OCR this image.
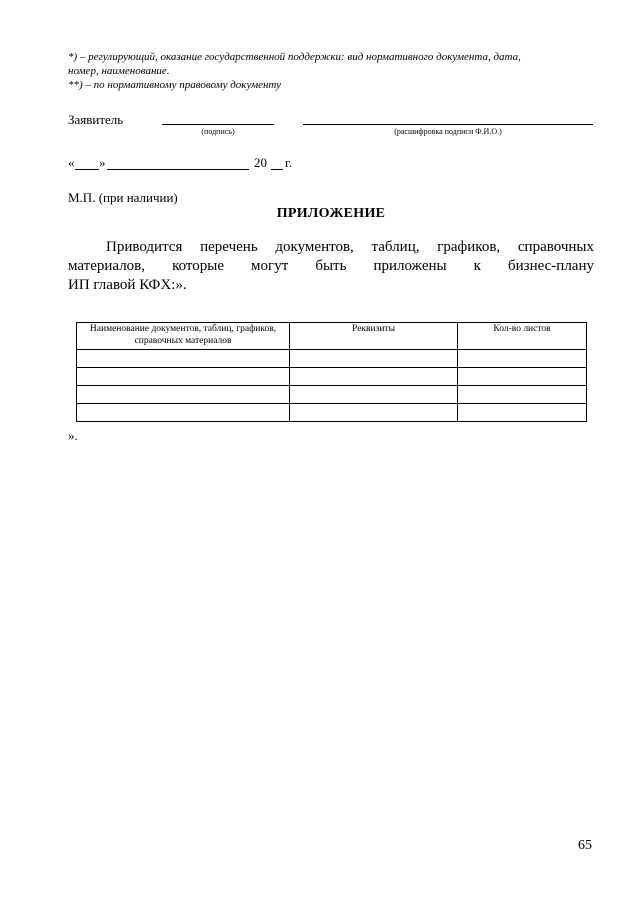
*) – регулирующий, оказание государственной поддержки: вид нормативного документа, дата,
номер, наименование.
**) – по нормативному правовому документу
Заявитель
(подпись)	(расшифровка подписи Ф.И.О.)
« »	20 г.
М.П. (при наличии)
ПРИЛОЖЕНИЕ
Приводится перечень документов, таблиц, графиков, справочных
материалов, которые могут быть приложены к бизнес-плану
ИП главой КФХ:».
Наименование документов, таблиц, графиков, справочных материалов	Реквизиты	Кол-во листов

».
65
